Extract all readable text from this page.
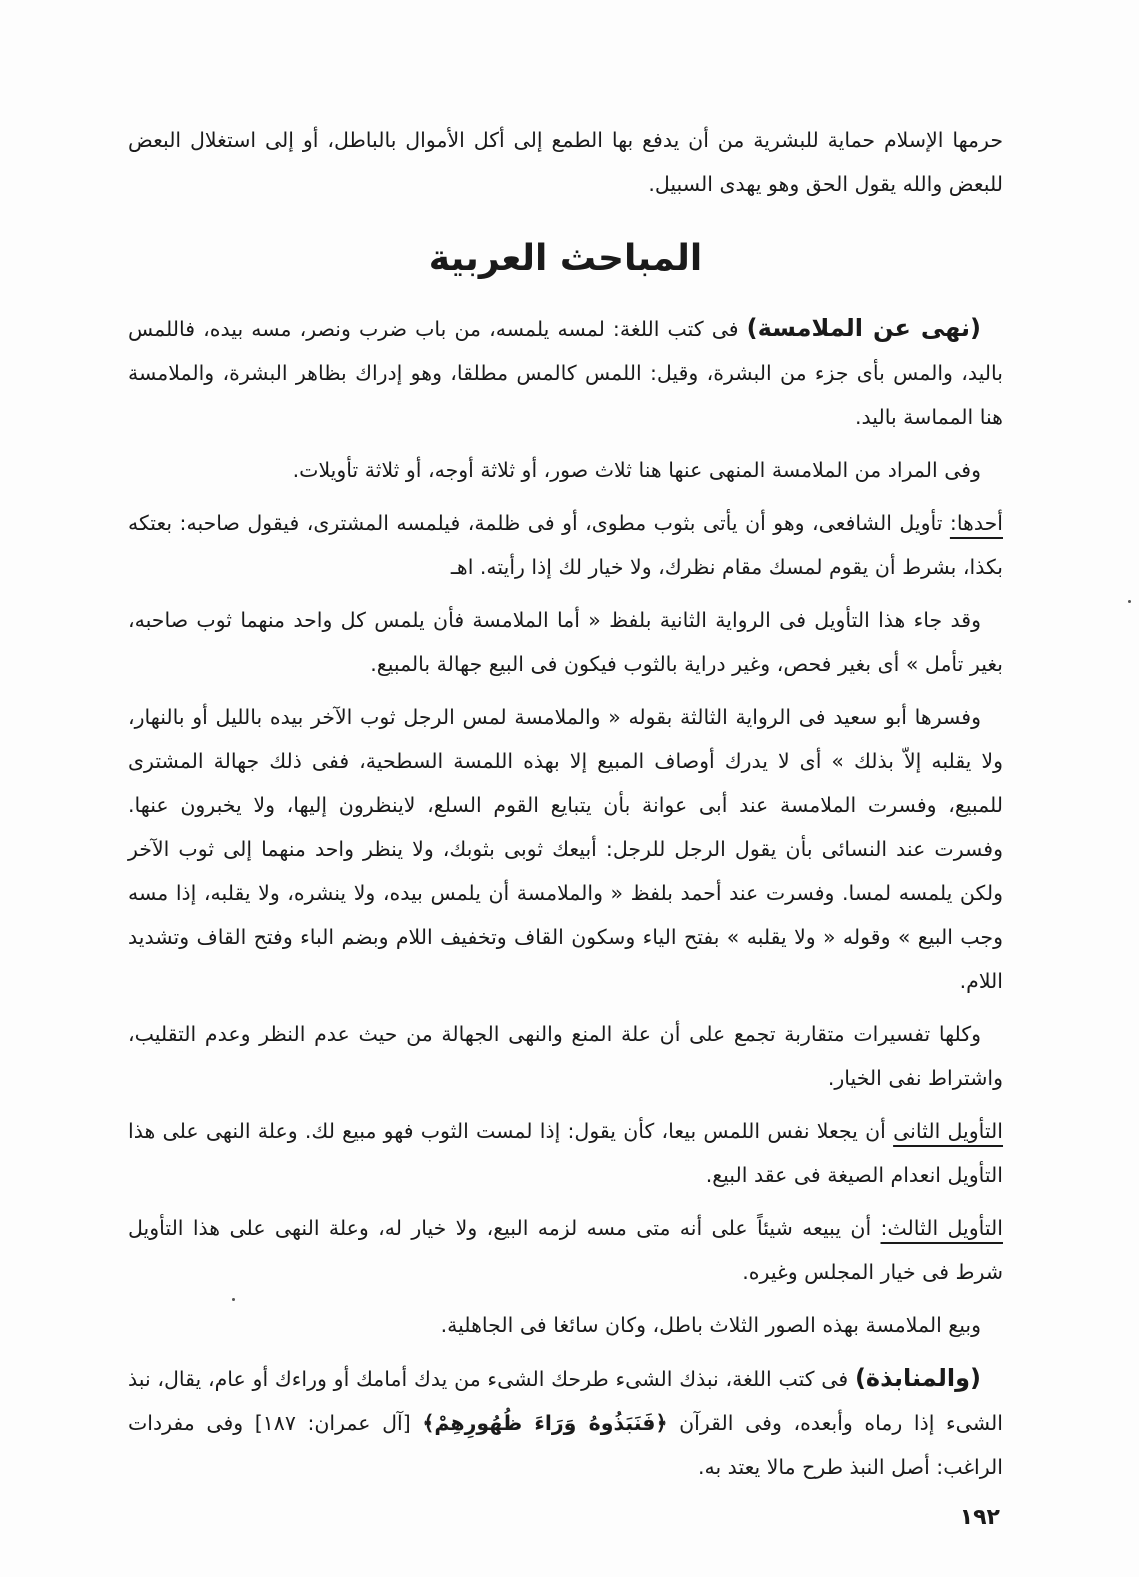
حرمها الإسلام حماية للبشرية من أن يدفع بها الطمع إلى أكل الأموال بالباطل، أو إلى استغلال البعض للبعض والله يقول الحق وهو يهدى السبيل.

المباحث العربية

(نهى عن الملامسة) فى كتب اللغة: لمسه يلمسه، من باب ضرب ونصر، مسه بيده، فاللمس باليد، والمس بأى جزء من البشرة، وقيل: اللمس كالمس مطلقا، وهو إدراك بظاهر البشرة، والملامسة هنا المماسة باليد.

وفى المراد من الملامسة المنهى عنها هنا ثلاث صور، أو ثلاثة أوجه، أو ثلاثة تأويلات.

أحدها: تأويل الشافعى، وهو أن يأتى بثوب مطوى، أو فى ظلمة، فيلمسه المشترى، فيقول صاحبه: بعتكه بكذا، بشرط أن يقوم لمسك مقام نظرك، ولا خيار لك إذا رأيته. اهـ

وقد جاء هذا التأويل فى الرواية الثانية بلفظ « أما الملامسة فأن يلمس كل واحد منهما ثوب صاحبه، بغير تأمل » أى بغير فحص، وغير دراية بالثوب فيكون فى البيع جهالة بالمبيع.

وفسرها أبو سعيد فى الرواية الثالثة بقوله « والملامسة لمس الرجل ثوب الآخر بيده بالليل أو بالنهار، ولا يقلبه إلاّ بذلك » أى لا يدرك أوصاف المبيع إلا بهذه اللمسة السطحية، ففى ذلك جهالة المشترى للمبيع، وفسرت الملامسة عند أبى عوانة بأن يتبايع القوم السلع، لاينظرون إليها، ولا يخبرون عنها. وفسرت عند النسائى بأن يقول الرجل للرجل: أبيعك ثوبى بثوبك، ولا ينظر واحد منهما إلى ثوب الآخر ولكن يلمسه لمسا. وفسرت عند أحمد بلفظ « والملامسة أن يلمس بيده، ولا ينشره، ولا يقلبه، إذا مسه وجب البيع » وقوله « ولا يقلبه » بفتح الياء وسكون القاف وتخفيف اللام وبضم الباء وفتح القاف وتشديد اللام.

وكلها تفسيرات متقاربة تجمع على أن علة المنع والنهى الجهالة من حيث عدم النظر وعدم التقليب، واشتراط نفى الخيار.

التأويل الثانى أن يجعلا نفس اللمس بيعا، كأن يقول: إذا لمست الثوب فهو مبيع لك. وعلة النهى على هذا التأويل انعدام الصيغة فى عقد البيع.

التأويل الثالث: أن يبيعه شيئاً على أنه متى مسه لزمه البيع، ولا خيار له، وعلة النهى على هذا التأويل شرط فى خيار المجلس وغيره.

وبيع الملامسة بهذه الصور الثلاث باطل، وكان سائغا فى الجاهلية.

(والمنابذة) فى كتب اللغة، نبذك الشىء طرحك الشىء من يدك أمامك أو وراءك أو عام، يقال، نبذ الشىء إذا رماه وأبعده، وفى القرآن ﴿فَنَبَذُوهُ وَرَاءَ ظُهُورِهِمْ﴾ [آل عمران: ١٨٧] وفى مفردات الراغب: أصل النبذ طرح مالا يعتد به.

١٩٢
